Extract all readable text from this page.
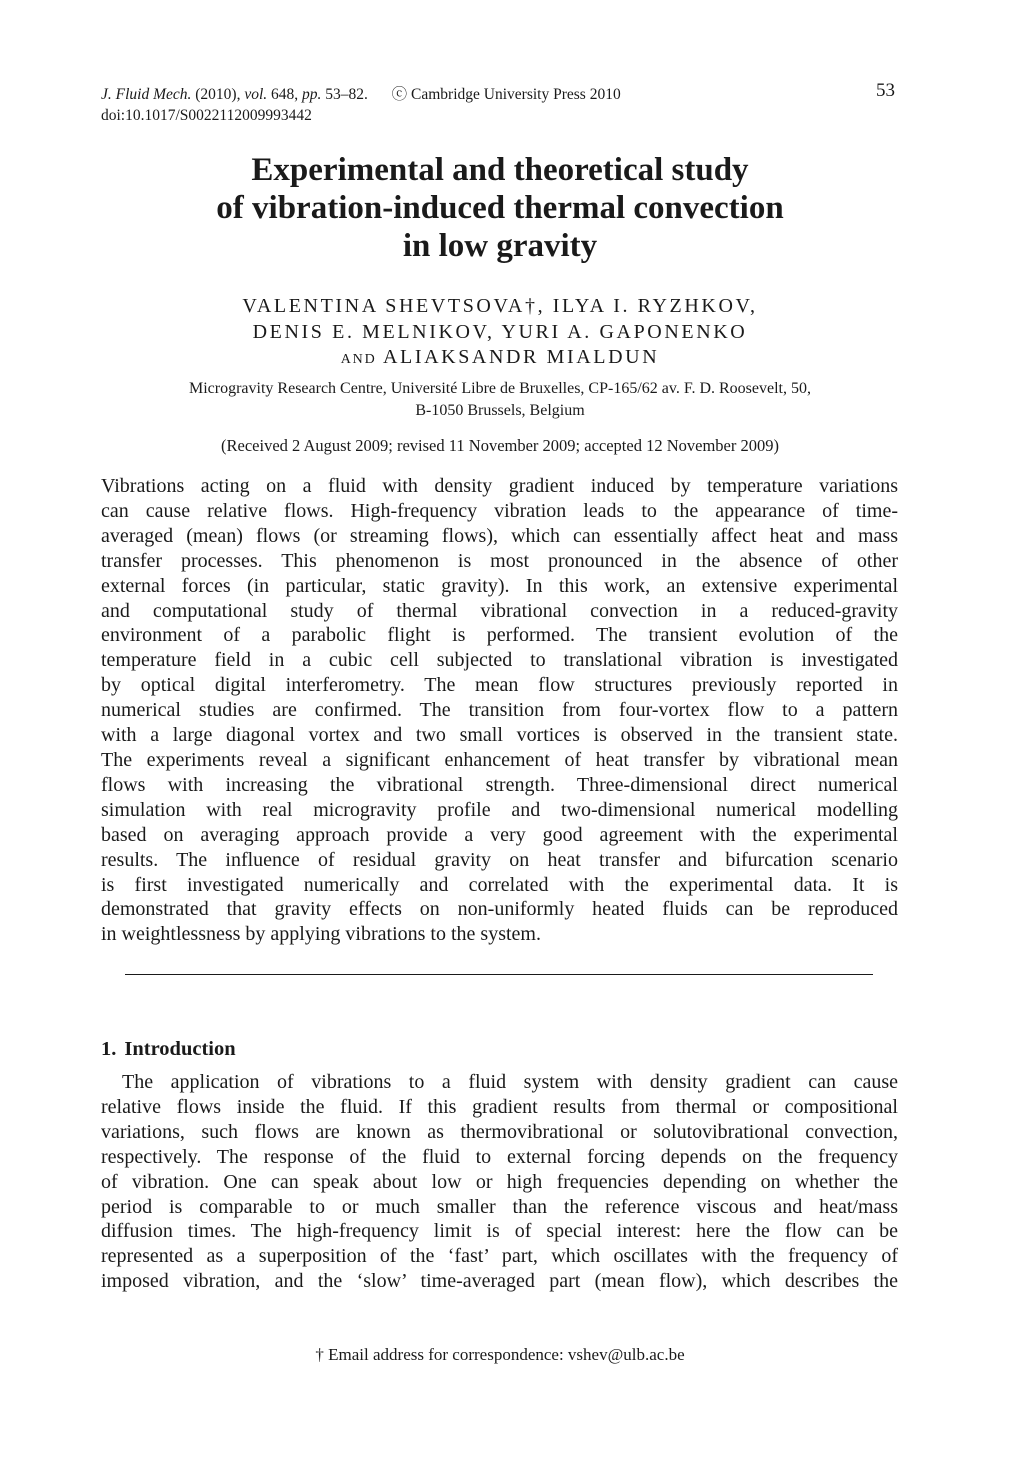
J. Fluid Mech. (2010), vol. 648, pp. 53–82. ⓒ Cambridge University Press 2010
doi:10.1017/S0022112009993442
53
Experimental and theoretical study
of vibration-induced thermal convection
in low gravity
VALENTINA SHEVTSOVA†, ILYA I. RYZHKOV,
DENIS E. MELNIKOV, YURI A. GAPONENKO
AND ALIAKSANDR MIALDUN
Microgravity Research Centre, Université Libre de Bruxelles, CP-165/62 av. F. D. Roosevelt, 50,
B-1050 Brussels, Belgium
(Received 2 August 2009; revised 11 November 2009; accepted 12 November 2009)
Vibrations acting on a fluid with density gradient induced by temperature variations
can cause relative flows. High-frequency vibration leads to the appearance of time-
averaged (mean) flows (or streaming flows), which can essentially affect heat and mass
transfer processes. This phenomenon is most pronounced in the absence of other
external forces (in particular, static gravity). In this work, an extensive experimental
and computational study of thermal vibrational convection in a reduced-gravity
environment of a parabolic flight is performed. The transient evolution of the
temperature field in a cubic cell subjected to translational vibration is investigated
by optical digital interferometry. The mean flow structures previously reported in
numerical studies are confirmed. The transition from four-vortex flow to a pattern
with a large diagonal vortex and two small vortices is observed in the transient state.
The experiments reveal a significant enhancement of heat transfer by vibrational mean
flows with increasing the vibrational strength. Three-dimensional direct numerical
simulation with real microgravity profile and two-dimensional numerical modelling
based on averaging approach provide a very good agreement with the experimental
results. The influence of residual gravity on heat transfer and bifurcation scenario
is first investigated numerically and correlated with the experimental data. It is
demonstrated that gravity effects on non-uniformly heated fluids can be reproduced
in weightlessness by applying vibrations to the system.
1. Introduction
The application of vibrations to a fluid system with density gradient can cause
relative flows inside the fluid. If this gradient results from thermal or compositional
variations, such flows are known as thermovibrational or solutovibrational convection,
respectively. The response of the fluid to external forcing depends on the frequency
of vibration. One can speak about low or high frequencies depending on whether the
period is comparable to or much smaller than the reference viscous and heat/mass
diffusion times. The high-frequency limit is of special interest: here the flow can be
represented as a superposition of the ‘fast’ part, which oscillates with the frequency of
imposed vibration, and the ‘slow’ time-averaged part (mean flow), which describes the
† Email address for correspondence: vshev@ulb.ac.be
